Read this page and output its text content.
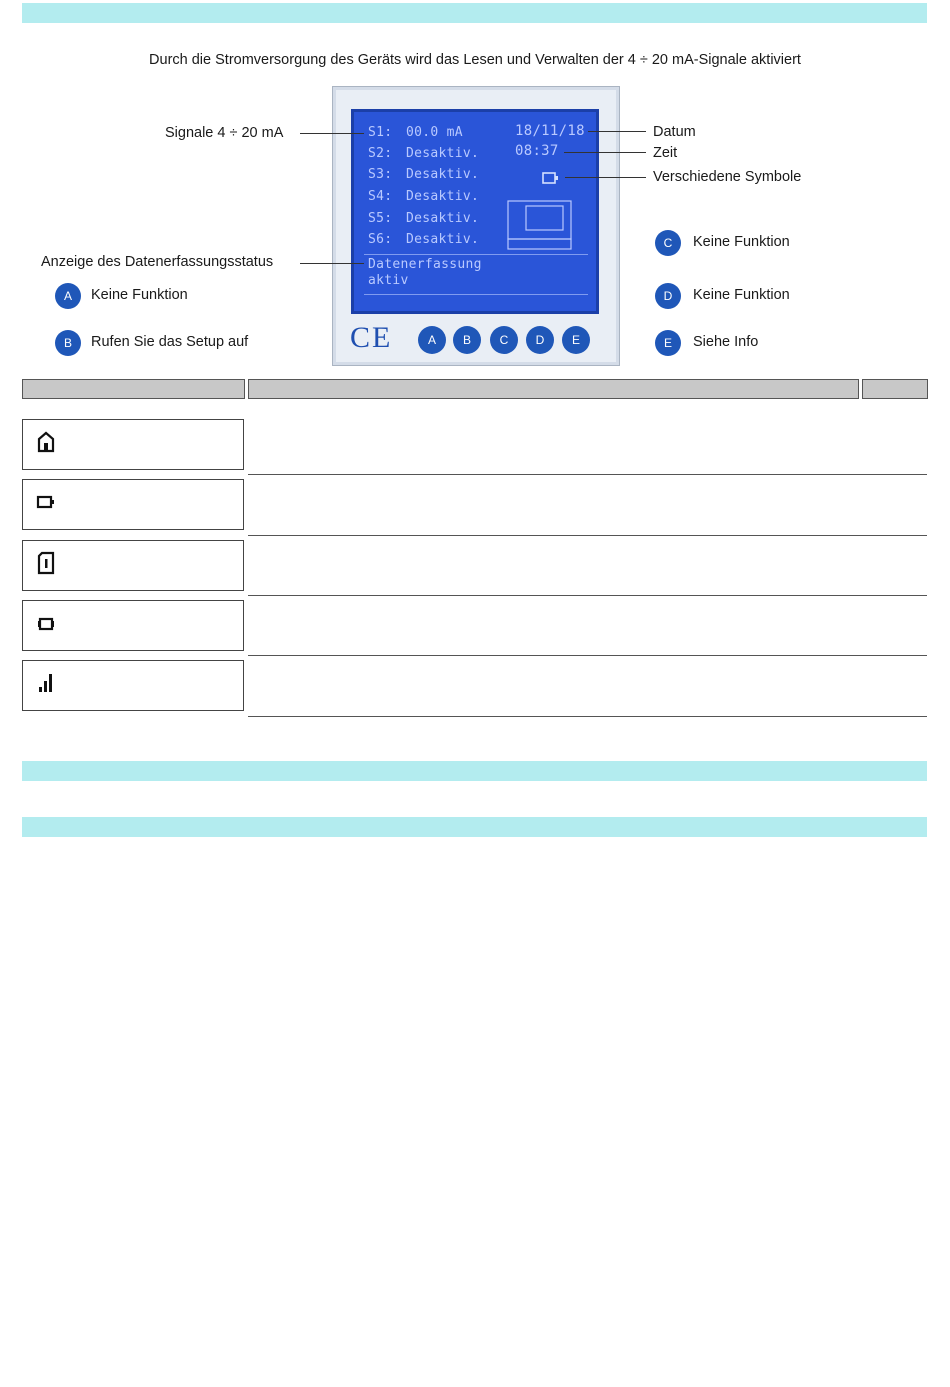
Durch die Stromversorgung des Geräts wird das Lesen und Verwalten der 4 ÷ 20 mA-Signale aktiviert
S1: 00.0 mA
S2: Desaktiv.
S3: Desaktiv.
S4: Desaktiv.
S5: Desaktiv.
S6: Desaktiv.
18/11/18
08:37
Datenerfassung
aktiv
CE	A	B	C	D	E
Signale 4 ÷ 20 mA
Anzeige des Datenerfassungsstatus
Datum
Zeit
Verschiedene Symbole
A	Keine Funktion
B	Rufen Sie das Setup auf
C	Keine Funktion
D	Keine Funktion
E	Siehe Info
